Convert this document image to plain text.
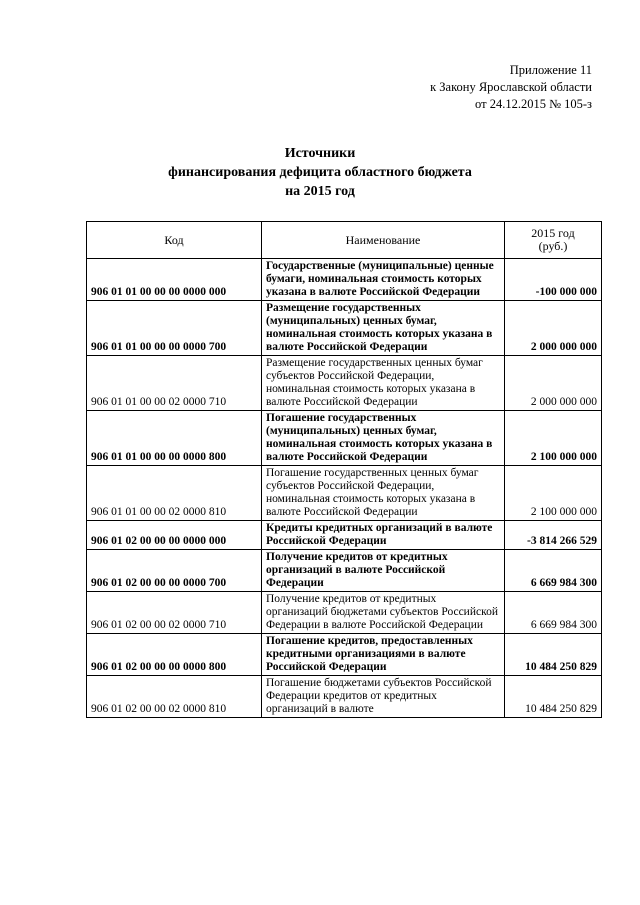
Приложение 11
к Закону Ярославской области
от 24.12.2015 № 105-з
Источники
финансирования дефицита областного бюджета
на 2015 год
Код	Наименование	2015 год
(руб.)

906 01 01 00 00 00 0000 000	Государственные (муниципальные) ценные бумаги, номинальная стоимость которых указана в валюте Российской Федерации	-100 000 000
906 01 01 00 00 00 0000 700	Размещение государственных (муниципальных) ценных бумаг, номинальная стоимость которых указана в валюте Российской Федерации	2 000 000 000
906 01 01 00 00 02 0000 710	Размещение государственных ценных бумаг субъектов Российской Федерации, номинальная стоимость которых указана в валюте Российской Федерации	2 000 000 000
906 01 01 00 00 00 0000 800	Погашение государственных (муниципальных) ценных бумаг, номинальная стоимость которых указана в валюте Российской Федерации	2 100 000 000
906 01 01 00 00 02 0000 810	Погашение государственных ценных бумаг субъектов Российской Федерации, номинальная стоимость которых указана в валюте Российской Федерации	2 100 000 000
906 01 02 00 00 00 0000 000	Кредиты кредитных организаций в валюте Российской Федерации	-3 814 266 529
906 01 02 00 00 00 0000 700	Получение кредитов от кредитных организаций в валюте Российской Федерации	6 669 984 300
906 01 02 00 00 02 0000 710	Получение кредитов от кредитных организаций бюджетами субъектов Российской Федерации в валюте Российской Федерации	6 669 984 300
906 01 02 00 00 00 0000 800	Погашение кредитов, предоставленных кредитными организациями в валюте Российской Федерации	10 484 250 829
906 01 02 00 00 02 0000 810	Погашение бюджетами субъектов Российской Федерации кредитов от кредитных организаций в валюте	10 484 250 829
